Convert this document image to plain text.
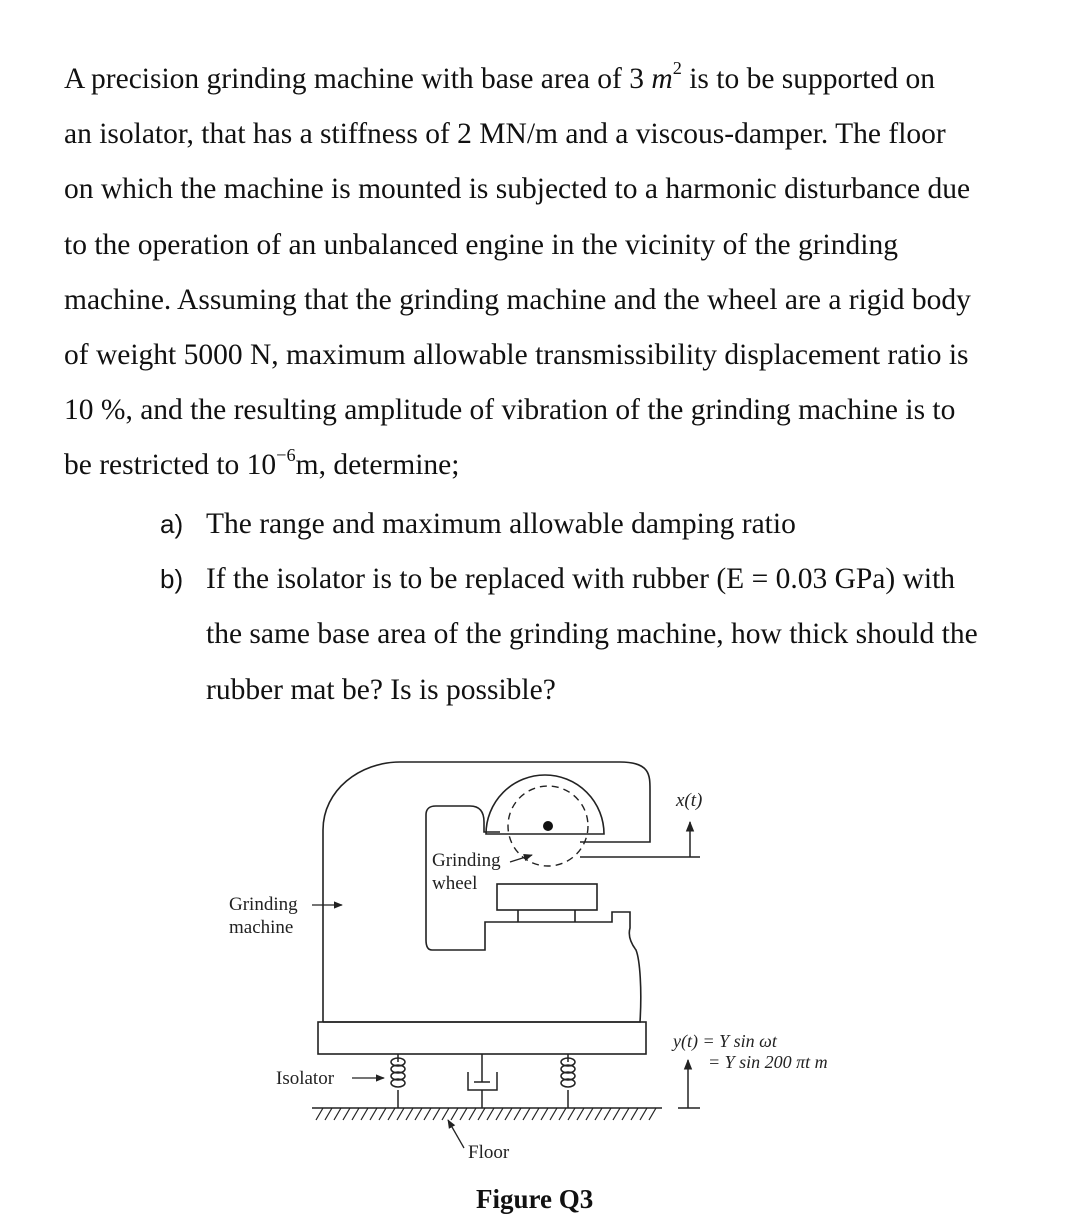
A precision grinding machine with base area of 3 $m^2$ is to be supported on
an isolator, that has a stiffness of 2 MN/m and a viscous-damper. The floor
on which the machine is mounted is subjected to a harmonic disturbance due
to the operation of an unbalanced engine in the vicinity of the grinding
machine. Assuming that the grinding machine and the wheel are a rigid body
of weight 5000 N, maximum allowable transmissibility displacement ratio is
10 %, and the resulting amplitude of vibration of the grinding machine is to
be restricted to $10^{-6}m$, determine;

a) The range and maximum allowable damping ratio
b) If the isolator is to be replaced with rubber (E = 0.03 GPa) with
the same base area of the grinding machine, how thick should the
rubber mat be? Is is possible?
x(t)
y(t) = Y sin ωt
= Y sin 200 πt m
Grinding
wheel
Grinding
machine
Isolator
Floor
Figure Q3
